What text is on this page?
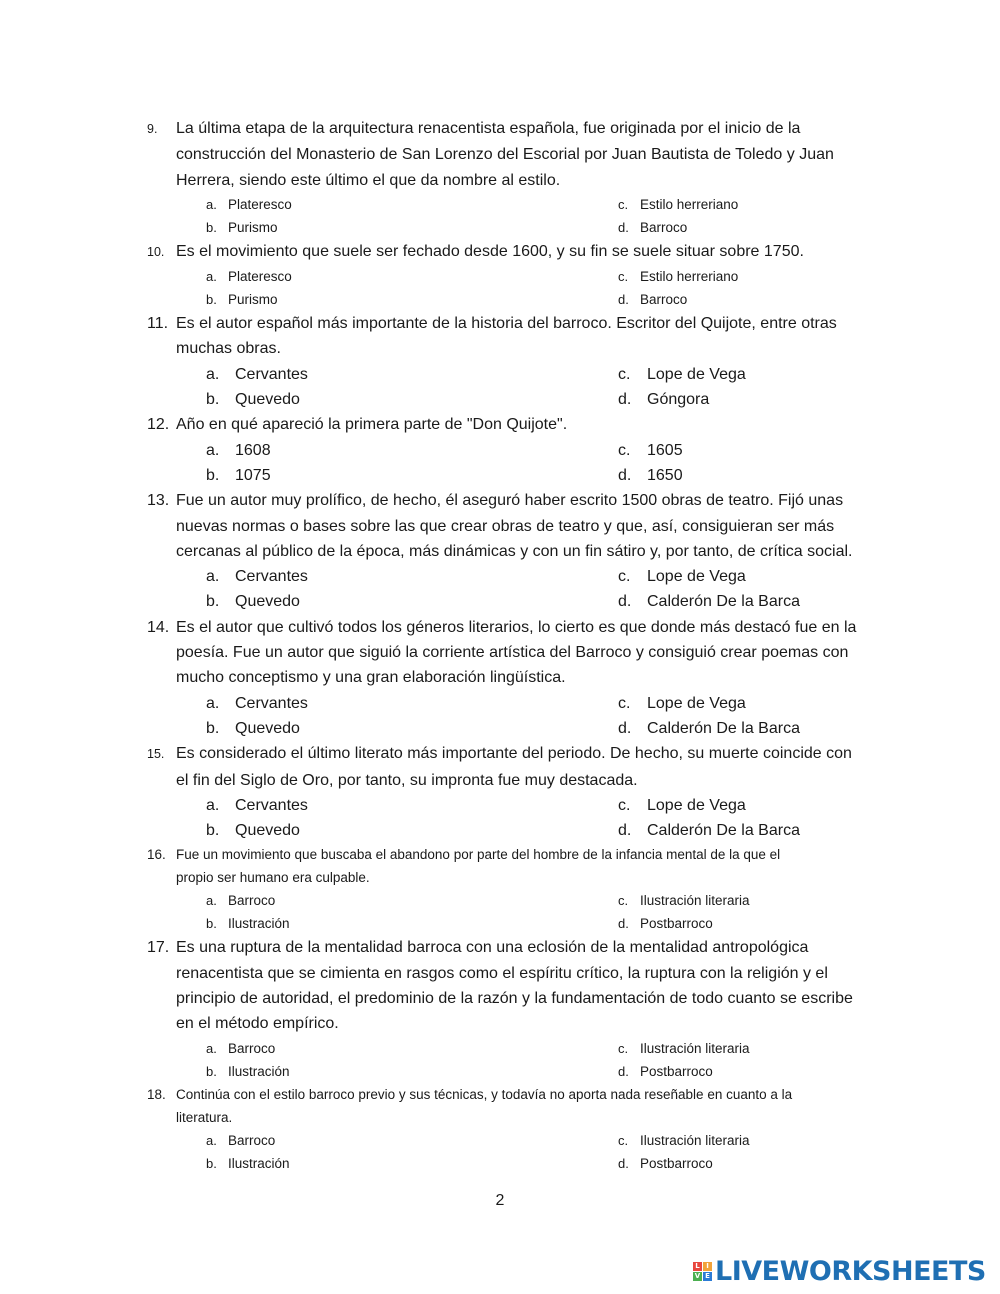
9.	La última etapa de la arquitectura renacentista española, fue originada por el inicio de la
construcción del Monasterio de San Lorenzo del Escorial por Juan Bautista de Toledo y Juan
Herrera, siendo este último el que da nombre al estilo.
a. Plateresco	c. Estilo herreriano
b. Purismo	d. Barroco
10. Es el movimiento que suele ser fechado desde 1600, y su fin se suele situar sobre 1750.
a. Plateresco	c. Estilo herreriano
b. Purismo	d. Barroco
11. Es el autor español más importante de la historia del barroco. Escritor del Quijote, entre otras
muchas obras.
a. Cervantes	c.	Lope de Vega
b. Quevedo	d. Góngora
12. Año en qué apareció la primera parte de "Don Quijote".
a. 1608	c.	1605
b. 1075	d. 1650
13. Fue un autor muy prolífico, de hecho, él aseguró haber escrito 1500 obras de teatro. Fijó unas
nuevas normas o bases sobre las que crear obras de teatro y que, así, consiguieran ser más
cercanas al público de la época, más dinámicas y con un fin sátiro y, por tanto, de crítica social.
a. Cervantes	c.	Lope de Vega
b. Quevedo	d. Calderón De la Barca
14. Es el autor que cultivó todos los géneros literarios, lo cierto es que donde más destacó fue en la
poesía. Fue un autor que siguió la corriente artística del Barroco y consiguió crear poemas con
mucho conceptismo y una gran elaboración lingüística.
a. Cervantes	c.	Lope de Vega
b. Quevedo	d. Calderón De la Barca
15. Es considerado el último literato más importante del periodo. De hecho, su muerte coincide con
el fin del Siglo de Oro, por tanto, su impronta fue muy destacada.
a. Cervantes	c.	Lope de Vega
b. Quevedo	d. Calderón De la Barca
16. Fue un movimiento que buscaba el abandono por parte del hombre de la infancia mental de la que el
propio ser humano era culpable.
a. Barroco	c. Ilustración literaria
b. Ilustración	d. Postbarroco
17. Es una ruptura de la mentalidad barroca con una eclosión de la mentalidad antropológica
renacentista que se cimienta en rasgos como el espíritu crítico, la ruptura con la religión y el
principio de autoridad, el predominio de la razón y la fundamentación de todo cuanto se escribe
en el método empírico.
a. Barroco	c. Ilustración literaria
b. Ilustración	d. Postbarroco
18. Continúa con el estilo barroco previo y sus técnicas, y todavía no aporta nada reseñable en cuanto a la
literatura.
a. Barroco	c. Ilustración literaria
b. Ilustración	d. Postbarroco
2
L I
V E LIVEWORKSHEETS
